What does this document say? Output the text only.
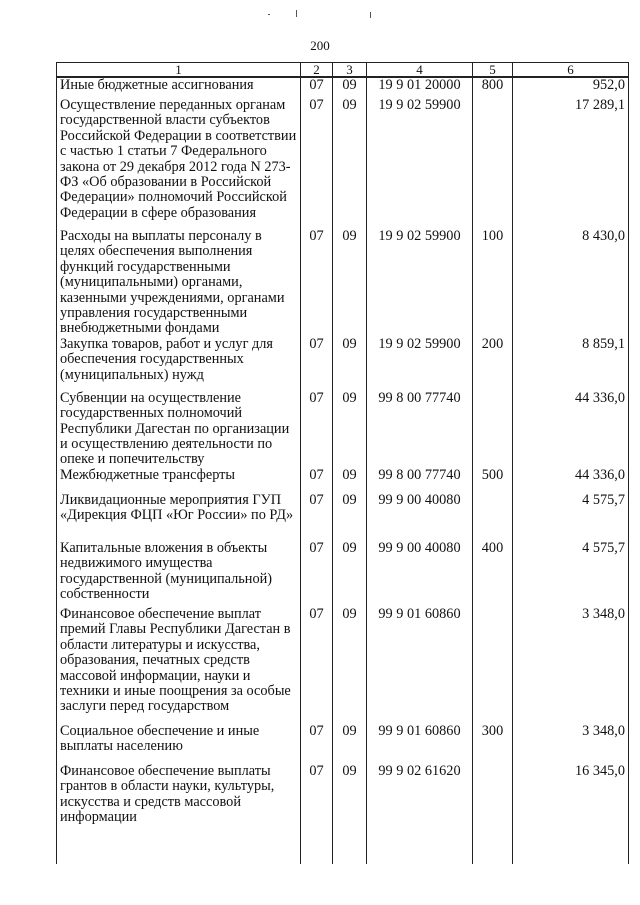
200
1	2	3	4	5	6
Иные бюджетные ассигнования	07	09	19 9 01 20000	800	952,0
Осуществление переданных органам государственной власти субъектов Российской Федерации в соответствии с частью 1 статьи 7 Федерального закона от 29 декабря 2012 года N 273-ФЗ «Об образовании в Российской Федерации» полномочий Российской Федерации в сфере образования	07	09	19 9 02 59900		17 289,1
Расходы на выплаты персоналу в целях обеспечения выполнения функций государственными (муниципальными) органами, казенными учреждениями, органами управления государственными внебюджетными фондами	07	09	19 9 02 59900	100	8 430,0
Закупка товаров, работ и услуг для обеспечения государственных (муниципальных) нужд	07	09	19 9 02 59900	200	8 859,1
Субвенции на осуществление государственных полномочий Республики Дагестан по организации и осуществлению деятельности по опеке и попечительству	07	09	99 8 00 77740		44 336,0
Межбюджетные трансферты	07	09	99 8 00 77740	500	44 336,0
Ликвидационные мероприятия ГУП «Дирекция ФЦП «Юг России» по РД»	07	09	99 9 00 40080		4 575,7
Капитальные вложения в объекты недвижимого имущества государственной (муниципальной) собственности	07	09	99 9 00 40080	400	4 575,7
Финансовое обеспечение выплат премий Главы Республики Дагестан в области литературы и искусства, образования, печатных средств массовой информации, науки и техники и иные поощрения за особые заслуги перед государством	07	09	99 9 01 60860		3 348,0
Социальное обеспечение и иные выплаты населению	07	09	99 9 01 60860	300	3 348,0
Финансовое обеспечение выплаты грантов в области науки, культуры, искусства и средств массовой информации	07	09	99 9 02 61620		16 345,0
